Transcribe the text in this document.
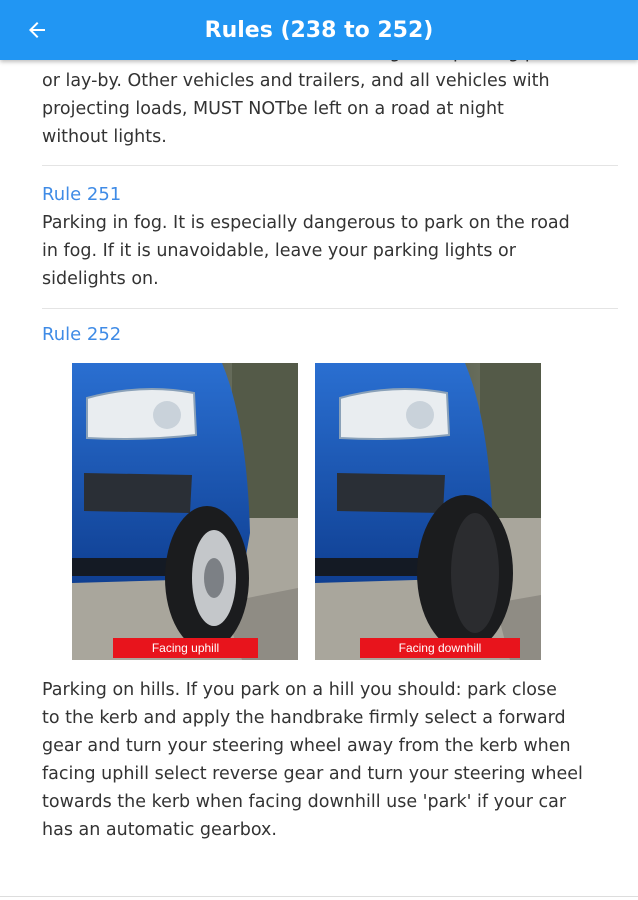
or lay-by. Other vehicles and trailers, and all vehicles with

projecting loads, MUST NOTbe left on a road at night

without lights.

Rule 251

Parking in fog. It is especially dangerous to park on the road

in fog. If it is unavoidable, leave your parking lights or

sidelights on.

Rule 252

Facing uphill	Facing downhill

Parking on hills. If you park on a hill you should: park close

to the kerb and apply the handbrake firmly select a forward

gear and turn your steering wheel away from the kerb when

facing uphill select reverse gear and turn your steering wheel

towards the kerb when facing downhill use 'park' if your car

has an automatic gearbox.

Rules (238 to 252)
